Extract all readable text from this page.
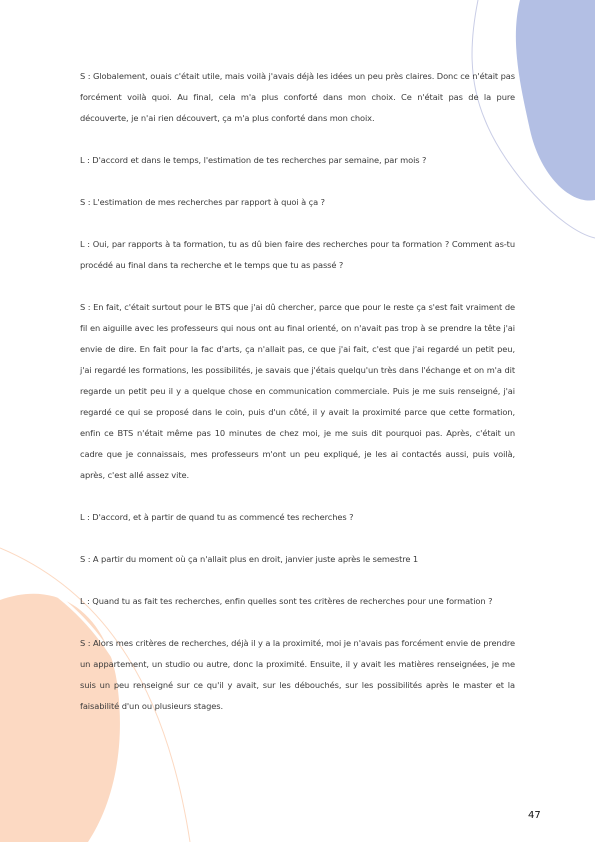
S : Globalement, ouais c'était utile, mais voilà j'avais déjà les idées un peu près claires. Donc ce n'était pas forcément voilà quoi. Au final, cela m'a plus conforté dans mon choix. Ce n'était pas de la pure découverte, je n'ai rien découvert, ça m'a plus conforté dans mon choix.

L : D'accord et dans le temps, l'estimation de tes recherches par semaine, par mois ?

S : L'estimation de mes recherches par rapport à quoi à ça ?

L : Oui, par rapports à ta formation, tu as dû bien faire des recherches pour ta formation ? Comment as-tu procédé au final dans ta recherche et le temps que tu as passé ?

S : En fait, c'était surtout pour le BTS que j'ai dû chercher, parce que pour le reste ça s'est fait vraiment de fil en aiguille avec les professeurs qui nous ont au final orienté, on n'avait pas trop à se prendre la tête j'ai envie de dire. En fait pour la fac d'arts, ça n'allait pas, ce que j'ai fait, c'est que j'ai regardé un petit peu, j'ai regardé les formations, les possibilités, je savais que j'étais quelqu'un très dans l'échange et on m'a dit regarde un petit peu il y a quelque chose en communication commerciale. Puis je me suis renseigné, j'ai regardé ce qui se proposé dans le coin, puis d'un côté, il y avait la proximité parce que cette formation, enfin ce BTS n'était même pas 10 minutes de chez moi, je me suis dit pourquoi pas. Après, c'était un cadre que je connaissais, mes professeurs m'ont un peu expliqué, je les ai contactés aussi, puis voilà, après, c'est allé assez vite.

L : D'accord, et à partir de quand tu as commencé tes recherches ?

S : A partir du moment où ça n'allait plus en droit, janvier juste après le semestre 1

L : Quand tu as fait tes recherches, enfin quelles sont tes critères de recherches pour une formation ?

S : Alors mes critères de recherches, déjà il y a la proximité, moi je n'avais pas forcément envie de prendre un appartement, un studio ou autre, donc la proximité. Ensuite, il y avait les matières renseignées, je me suis un peu renseigné sur ce qu'il y avait, sur les débouchés, sur les possibilités après le master et la faisabilité d'un ou plusieurs stages.

47
